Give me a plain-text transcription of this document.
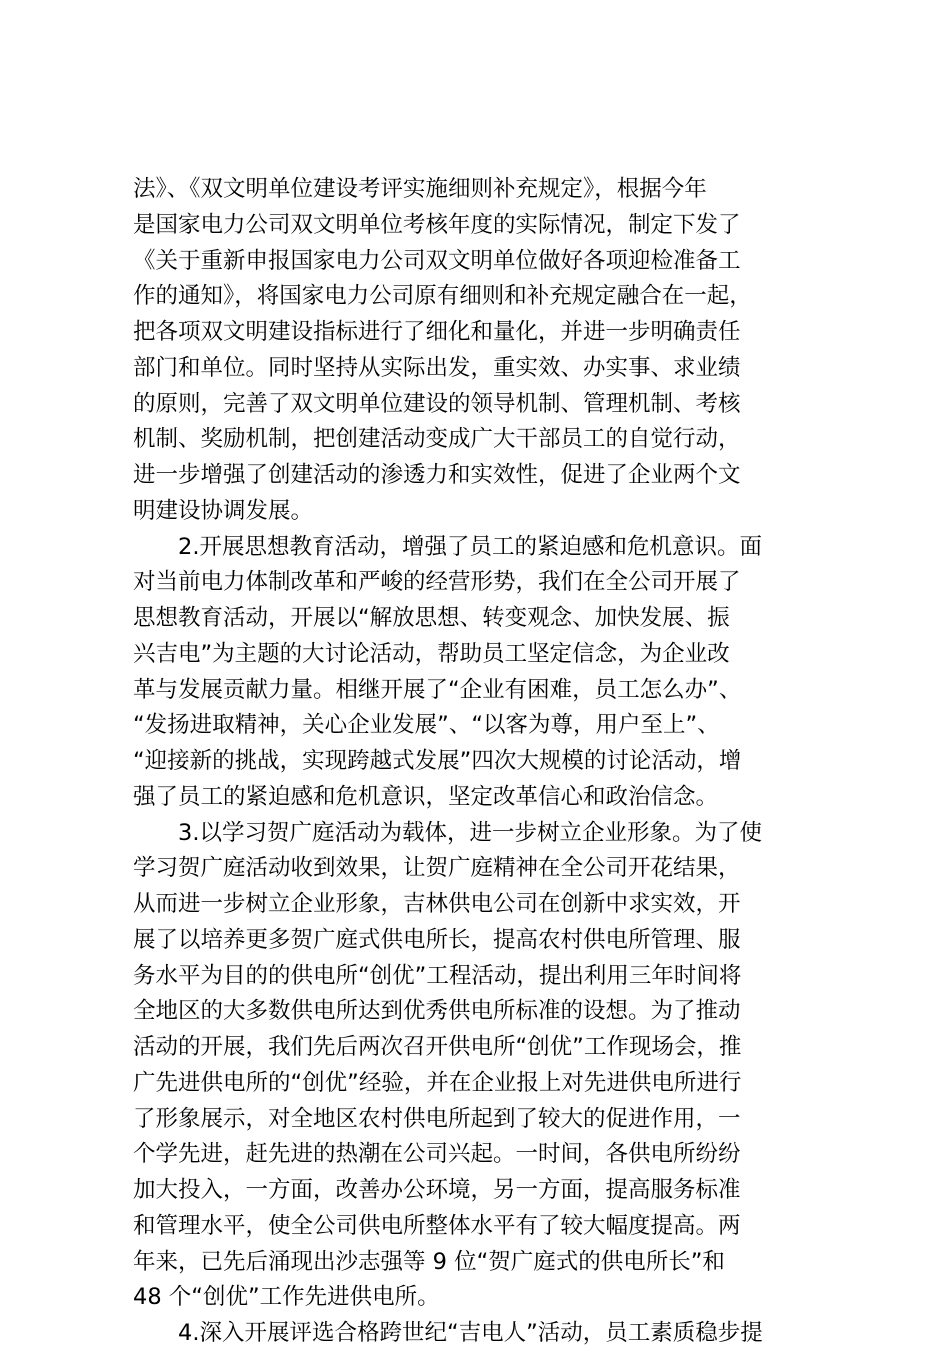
法》、《双文明单位建设考评实施细则补充规定》，根据今年
是国家电力公司双文明单位考核年度的实际情况，制定下发了
《关于重新申报国家电力公司双文明单位做好各项迎检准备工
作的通知》，将国家电力公司原有细则和补充规定融合在一起，
把各项双文明建设指标进行了细化和量化，并进一步明确责任
部门和单位。同时坚持从实际出发，重实效、办实事、求业绩
的原则，完善了双文明单位建设的领导机制、管理机制、考核
机制、奖励机制，把创建活动变成广大干部员工的自觉行动，
进一步增强了创建活动的渗透力和实效性，促进了企业两个文
明建设协调发展。
　　2.开展思想教育活动，增强了员工的紧迫感和危机意识。面
对当前电力体制改革和严峻的经营形势，我们在全公司开展了
思想教育活动，开展以“解放思想、转变观念、加快发展、振
兴吉电”为主题的大讨论活动，帮助员工坚定信念，为企业改
革与发展贡献力量。相继开展了“企业有困难，员工怎么办”、
“发扬进取精神，关心企业发展”、“以客为尊，用户至上”、
“迎接新的挑战，实现跨越式发展”四次大规模的讨论活动，增
强了员工的紧迫感和危机意识，坚定改革信心和政治信念。
　　3.以学习贺广庭活动为载体，进一步树立企业形象。为了使
学习贺广庭活动收到效果，让贺广庭精神在全公司开花结果，
从而进一步树立企业形象，吉林供电公司在创新中求实效，开
展了以培养更多贺广庭式供电所长，提高农村供电所管理、服
务水平为目的的供电所“创优”工程活动，提出利用三年时间将
全地区的大多数供电所达到优秀供电所标准的设想。为了推动
活动的开展，我们先后两次召开供电所“创优”工作现场会，推
广先进供电所的“创优”经验，并在企业报上对先进供电所进行
了形象展示，对全地区农村供电所起到了较大的促进作用，一
个学先进，赶先进的热潮在公司兴起。一时间，各供电所纷纷
加大投入，一方面，改善办公环境，另一方面，提高服务标准
和管理水平，使全公司供电所整体水平有了较大幅度提高。两
年来，已先后涌现出沙志强等 9 位“贺广庭式的供电所长”和
48 个“创优”工作先进供电所。
　　4.深入开展评选合格跨世纪“吉电人”活动，员工素质稳步提
